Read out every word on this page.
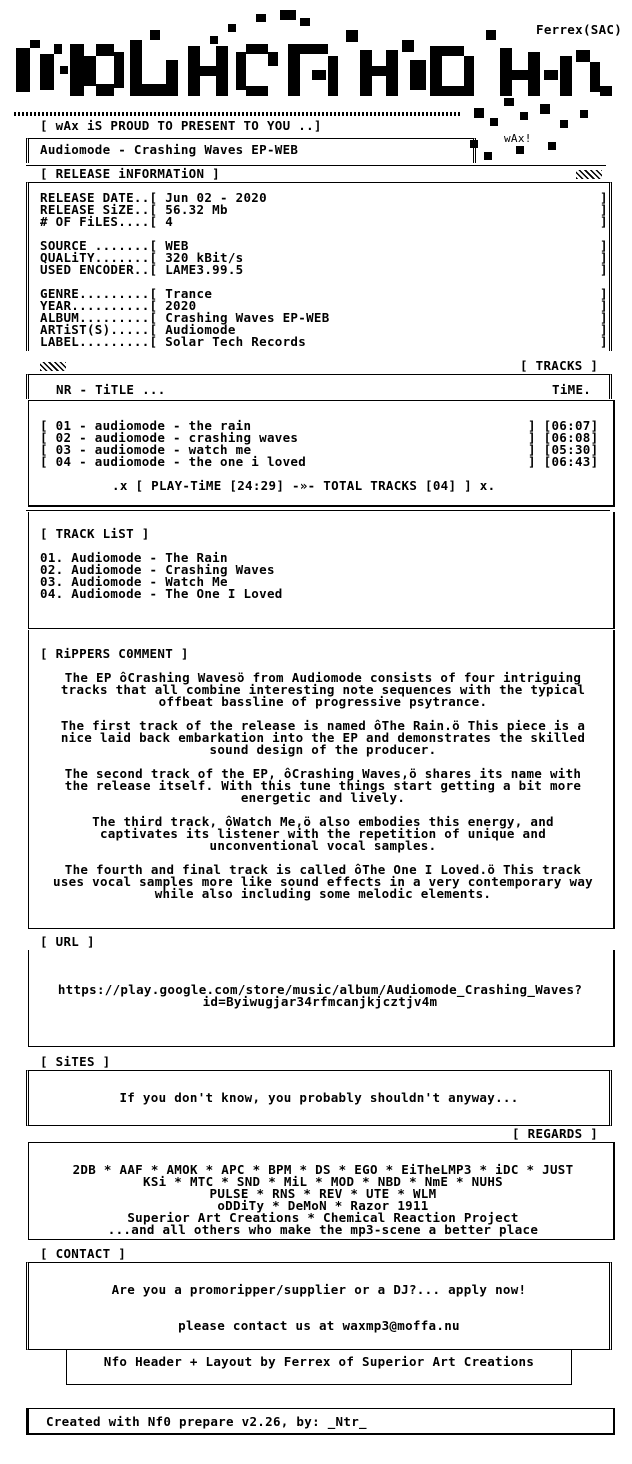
Ferrex(SAC)
[ wAx iS PROUD TO PRESENT TO YOU ..]
wAx!
Audiomode - Crashing Waves EP-WEB
[ RELEASE iNFORMATiON ]
RELEASE DATE..[ Jun 02 - 2020	]
RELEASE SiZE..[ 56.32 Mb	]
# OF FiLES....[ 4	]
SOURCE .......[ WEB	]
QUALiTY.......[ 320 kBit/s	]
USED ENCODER..[ LAME3.99.5	]
GENRE.........[ Trance	]
YEAR..........[ 2020	]
ALBUM.........[ Crashing Waves EP-WEB	]
ARTiST(S).....[ Audiomode	]
LABEL.........[ Solar Tech Records	]
[ TRACKS ]
NR - TiTLE ...	TiME.
[ 01 - audiomode - the rain	] [06:07]
[ 02 - audiomode - crashing waves	] [06:08]
[ 03 - audiomode - watch me	] [05:30]
[ 04 - audiomode - the one i loved	] [06:43]
.x [ PLAY-TiME [24:29] -»- TOTAL TRACKS [04] ] x.
[ TRACK LiST ]
01. Audiomode - The Rain
02. Audiomode - Crashing Waves
03. Audiomode - Watch Me
04. Audiomode - The One I Loved
[ RiPPERS C0MMENT ]
The EP ôCrashing Wavesö from Audiomode consists of four intriguing
tracks that all combine interesting note sequences with the typical
offbeat bassline of progressive psytrance.
The first track of the release is named ôThe Rain.ö This piece is a
nice laid back embarkation into the EP and demonstrates the skilled
sound design of the producer.
The second track of the EP, ôCrashing Waves,ö shares its name with
the release itself. With this tune things start getting a bit more
energetic and lively.
The third track, ôWatch Me,ö also embodies this energy, and
captivates its listener with the repetition of unique and
unconventional vocal samples.
The fourth and final track is called ôThe One I Loved.ö This track
uses vocal samples more like sound effects in a very contemporary way
while also including some melodic elements.
[ URL ]
https://play.google.com/store/music/album/Audiomode_Crashing_Waves?
id=Byiwugjar34rfmcanjkjcztjv4m
[ SiTES ]
If you don't know, you probably shouldn't anyway...
[ REGARDS ]
2DB * AAF * AMOK * APC * BPM * DS * EGO * EiTheLMP3 * iDC * JUST
KSi * MTC * SND * MiL * MOD * NBD * NmE * NUHS
PULSE * RNS * REV * UTE * WLM
oDDiTy * DeMoN * Razor 1911
Superior Art Creations * Chemical Reaction Project
...and all others who make the mp3-scene a better place
[ CONTACT ]
Are you a promoripper/supplier or a DJ?... apply now!
please contact us at waxmp3@moffa.nu
Nfo Header + Layout by Ferrex of Superior Art Creations
Created with Nf0 prepare v2.26, by: _Ntr_
